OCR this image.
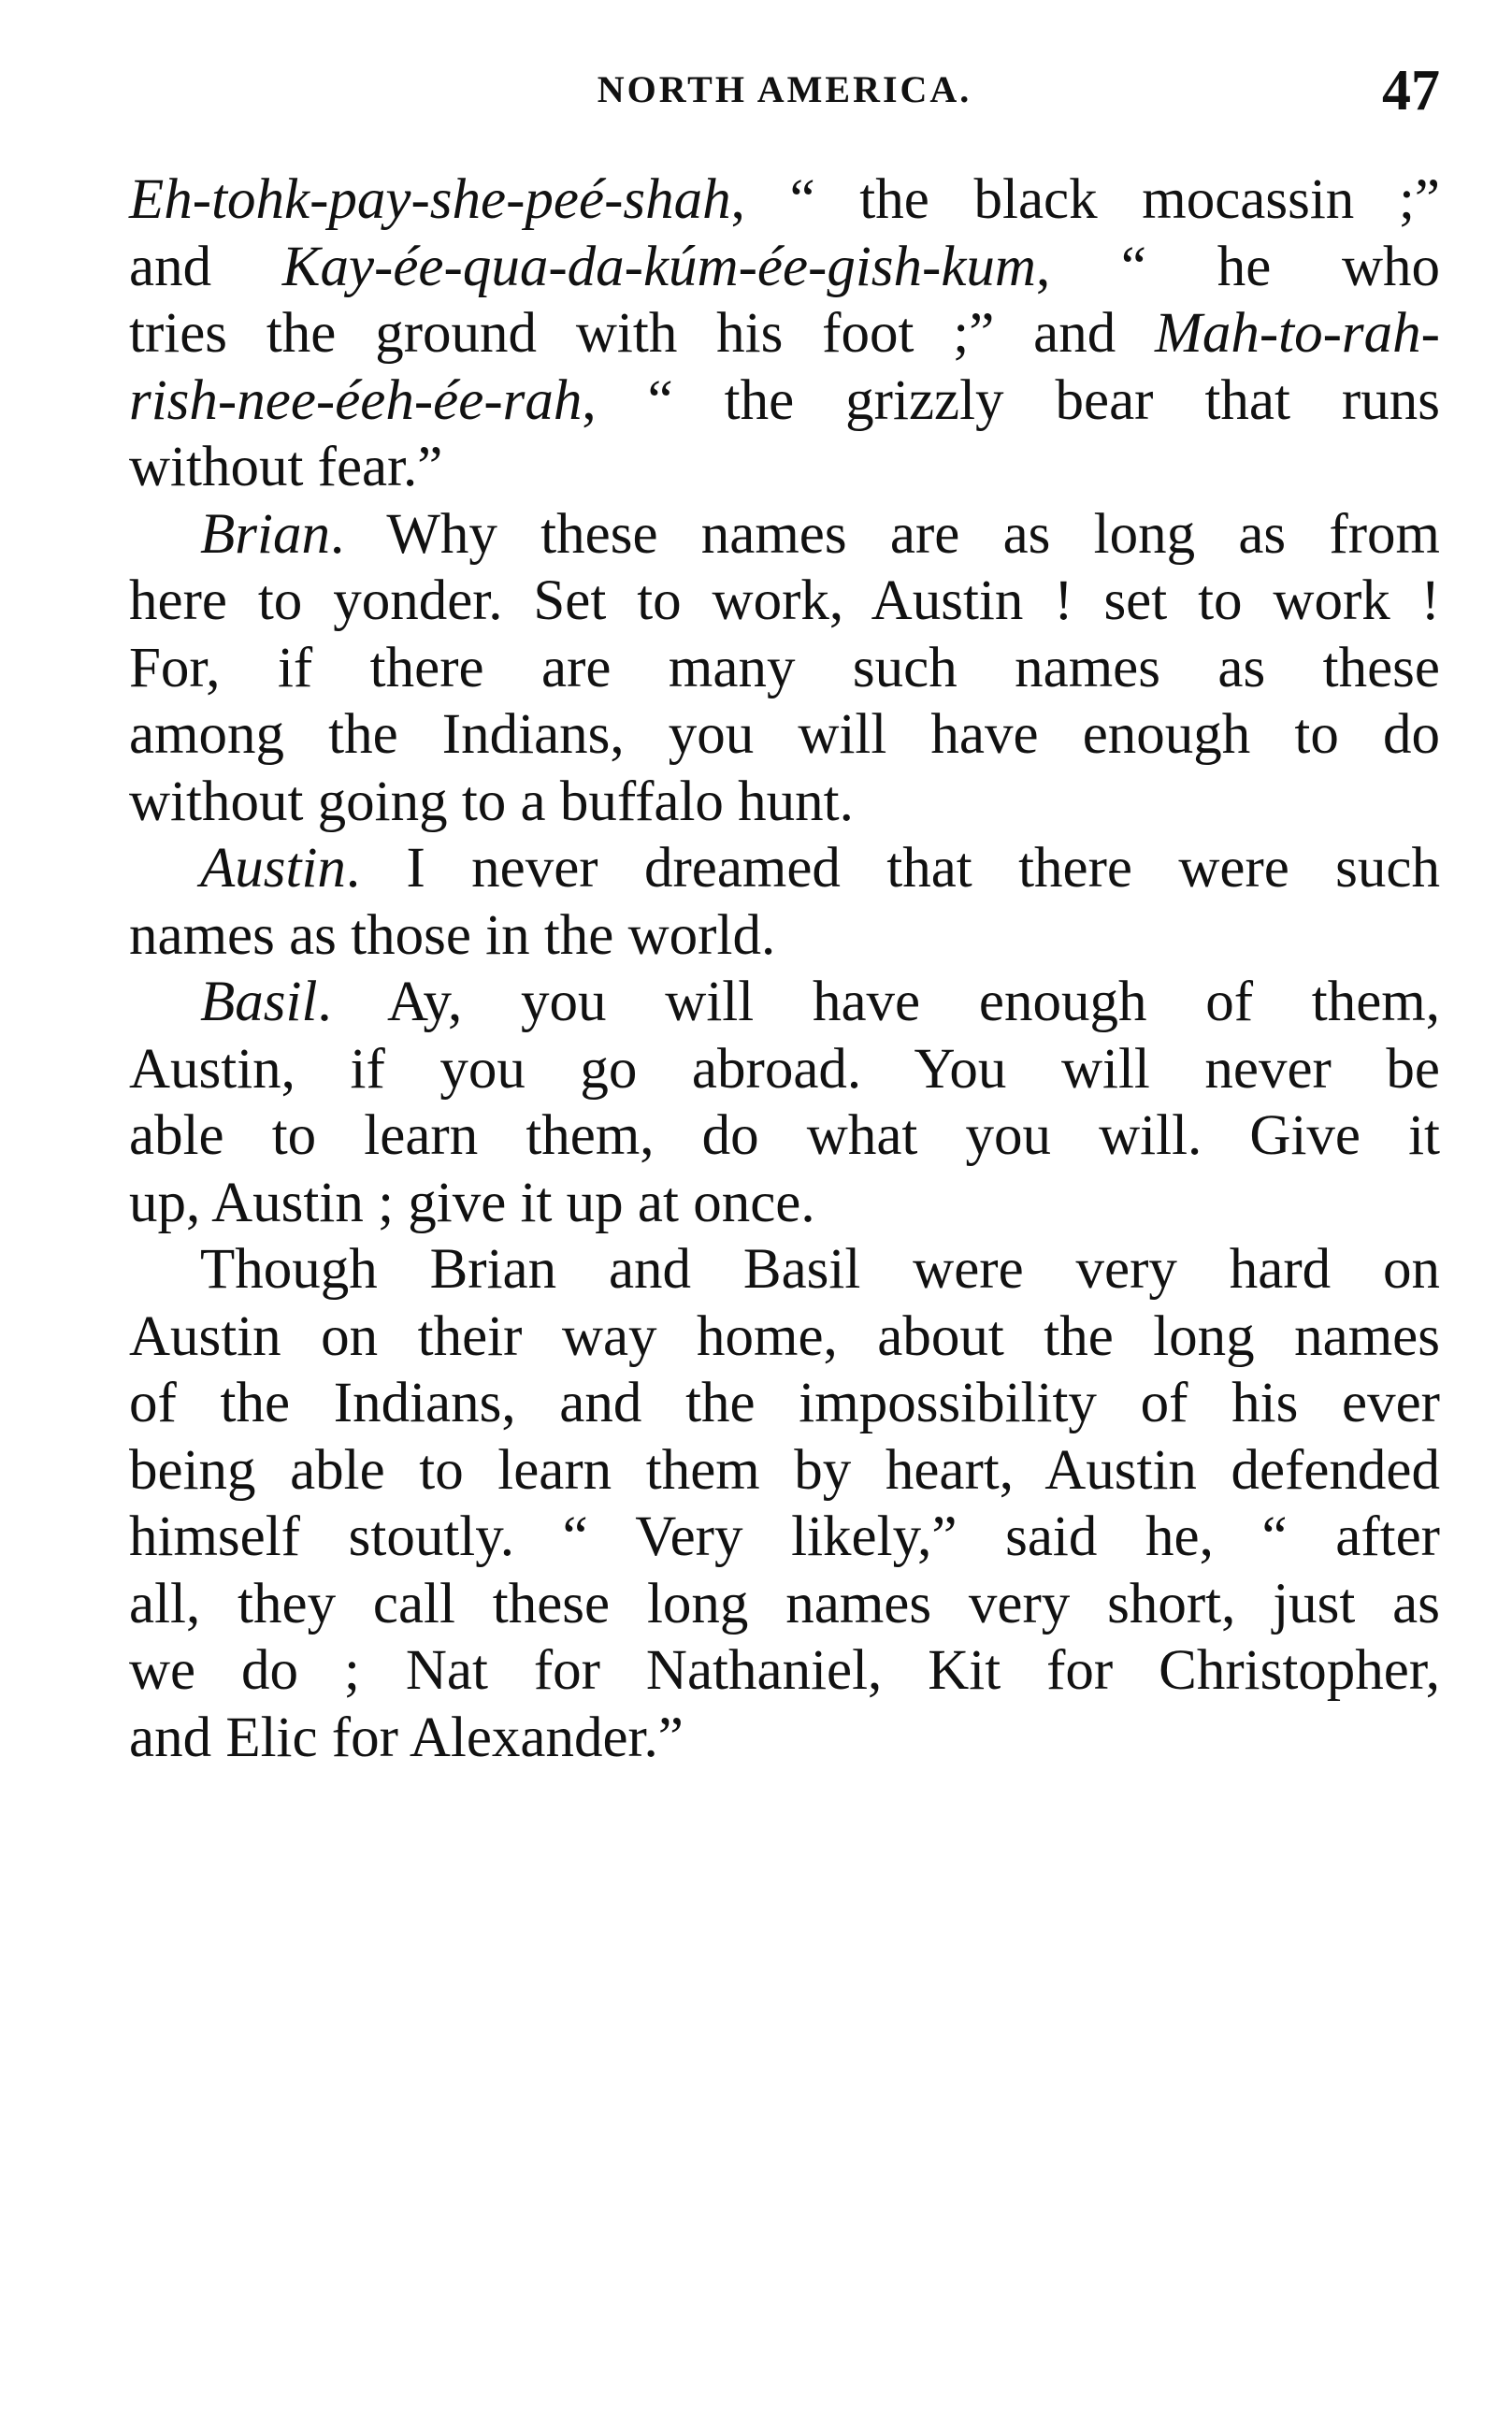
NORTH AMERICA.	47
Eh-tohk-pay-she-peé-shah, “ the black mocassin ;”
and Kay-ée-qua-da-kúm-ée-gish-kum, “ he who
tries the ground with his foot ;” and Mah-to-rah-
rish-nee-éeh-ée-rah, “ the grizzly bear that runs
without fear.”
Brian. Why these names are as long as from
here to yonder. Set to work, Austin ! set to work !
For, if there are many such names as these
among the Indians, you will have enough to do
without going to a buffalo hunt.
Austin. I never dreamed that there were such
names as those in the world.
Basil. Ay, you will have enough of them,
Austin, if you go abroad. You will never be
able to learn them, do what you will. Give it
up, Austin ; give it up at once.
Though Brian and Basil were very hard on
Austin on their way home, about the long names
of the Indians, and the impossibility of his ever
being able to learn them by heart, Austin defended
himself stoutly. “ Very likely,” said he, “ after
all, they call these long names very short, just as
we do ; Nat for Nathaniel, Kit for Christopher,
and Elic for Alexander.”
